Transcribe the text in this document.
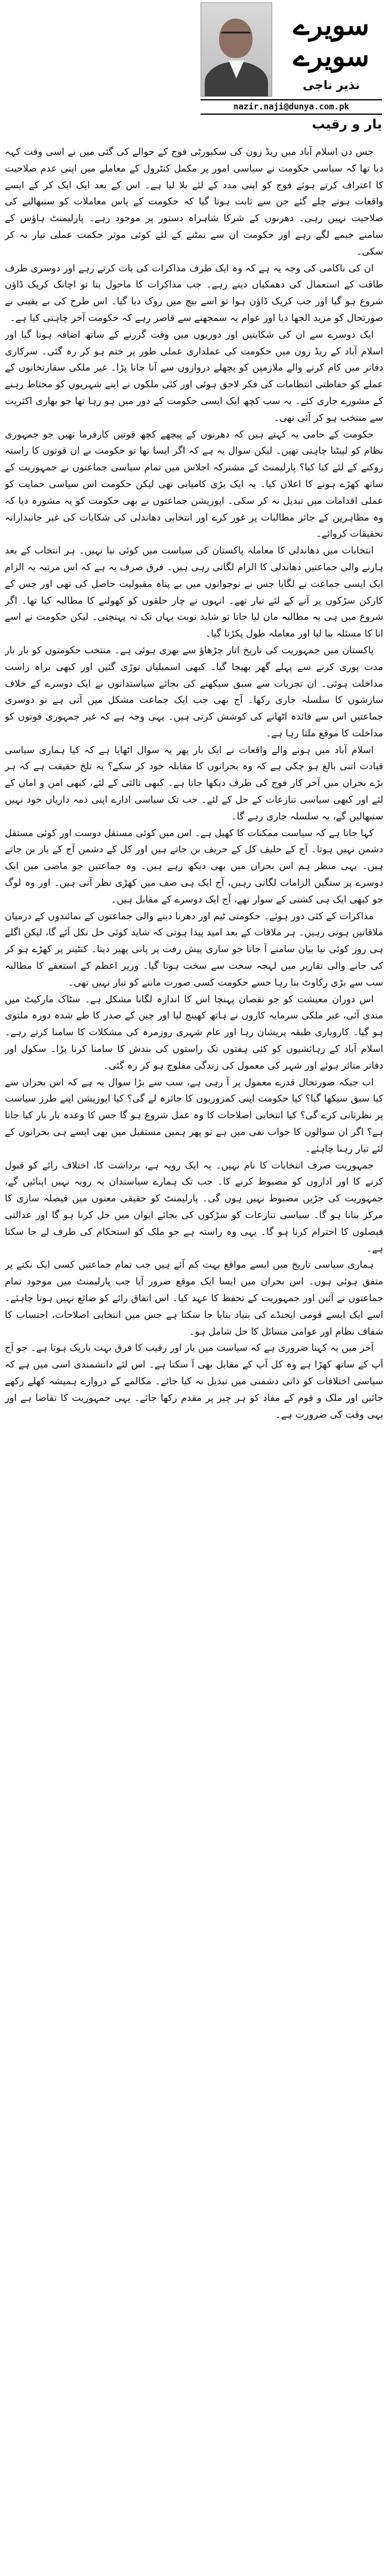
سویرے سویرے
نذیر ناجی
nazir.naji@dunya.com.pk
یار و رقیب

جس دن اسلام آباد میں ریڈ زون کی سکیورٹی فوج کے حوالے کی گئی میں نے اسی وقت کہہ دیا تھا کہ سیاسی حکومت نے سیاسی امور پر مکمل کنٹرول کے معاملے میں اپنی عدم صلاحیت کا اعتراف کرتے ہوئے فوج کو اپنی مدد کے لئے بلا لیا ہے۔ اس کے بعد ایک ایک کر کے ایسے واقعات ہوتے چلے گئے جن سے ثابت ہوتا گیا کہ حکومت کے پاس معاملات کو سنبھالنے کی صلاحیت نہیں رہی۔ دھرنوں کے شرکا شاہراہ دستور پر موجود رہے۔ پارلیمنٹ ہاؤس کے سامنے خیمے لگے رہے اور حکومت ان سے نمٹنے کے لئے کوئی موثر حکمت عملی تیار نہ کر سکی۔

ان کی ناکامی کی وجہ یہ ہے کہ وہ ایک طرف مذاکرات کی بات کرتے رہے اور دوسری طرف طاقت کے استعمال کی دھمکیاں دیتے رہے۔ جب مذاکرات کا ماحول بنا تو اچانک کریک ڈاؤن شروع ہو گیا اور جب کریک ڈاؤن ہوا تو اسے بیچ میں روک دیا گیا۔ اس طرح کی بے یقینی نے صورتحال کو مزید الجھا دیا اور عوام یہ سمجھنے سے قاصر رہے کہ حکومت آخر چاہتی کیا ہے۔

ایک دوسرے سے ان کی شکایتیں اور دوریوں میں وقت گزرنے کے ساتھ اضافہ ہوتا گیا اور اسلام آباد کے ریڈ زون میں حکومت کی عملداری عملی طور پر ختم ہو کر رہ گئی۔ سرکاری دفاتر میں کام کرنے والے ملازمین کو پچھلے دروازوں سے آنا جانا پڑا۔ غیر ملکی سفارتخانوں کے عملے کو حفاظتی انتظامات کی فکر لاحق ہوئی اور کئی ملکوں نے اپنے شہریوں کو محتاط رہنے کے مشورے جاری کئے۔ یہ سب کچھ ایک ایسی حکومت کے دور میں ہو رہا تھا جو بھاری اکثریت سے منتخب ہو کر آئی تھی۔

حکومت کے حامی یہ کہتے ہیں کہ دھرنوں کے پیچھے کچھ قوتیں کارفرما تھیں جو جمہوری نظام کو لپیٹنا چاہتی تھیں۔ لیکن سوال یہ ہے کہ اگر ایسا تھا تو حکومت نے ان قوتوں کا راستہ روکنے کے لئے کیا کیا؟ پارلیمنٹ کے مشترکہ اجلاس میں تمام سیاسی جماعتوں نے جمہوریت کے ساتھ کھڑے ہونے کا اعلان کیا۔ یہ ایک بڑی کامیابی تھی لیکن حکومت اس سیاسی حمایت کو عملی اقدامات میں تبدیل نہ کر سکی۔ اپوزیشن جماعتوں نے بھی حکومت کو یہ مشورہ دیا کہ وہ مظاہرین کے جائز مطالبات پر غور کرے اور انتخابی دھاندلی کی شکایات کی غیر جانبدارانہ تحقیقات کروائے۔

انتخابات میں دھاندلی کا معاملہ پاکستان کی سیاست میں کوئی نیا نہیں۔ ہر انتخاب کے بعد ہارنے والی جماعتیں دھاندلی کا الزام لگاتی رہی ہیں۔ فرق صرف یہ ہے کہ اس مرتبہ یہ الزام ایک ایسی جماعت نے لگایا جس نے نوجوانوں میں بے پناہ مقبولیت حاصل کی تھی اور جس کے کارکن سڑکوں پر آنے کے لئے تیار تھے۔ انہوں نے چار حلقوں کو کھولنے کا مطالبہ کیا تھا۔ اگر شروع میں ہی یہ مطالبہ مان لیا جاتا تو شاید نوبت یہاں تک نہ پہنچتی۔ لیکن حکومت نے اسے انا کا مسئلہ بنا لیا اور معاملہ طول پکڑتا گیا۔

پاکستان میں جمہوریت کی تاریخ اتار چڑھاؤ سے بھری ہوئی ہے۔ منتخب حکومتوں کو بار بار مدت پوری کرنے سے پہلے گھر بھیجا گیا۔ کبھی اسمبلیاں توڑی گئیں اور کبھی براہ راست مداخلت ہوئی۔ ان تجربات سے سبق سیکھنے کی بجائے سیاستدانوں نے ایک دوسرے کے خلاف سازشوں کا سلسلہ جاری رکھا۔ آج بھی جب ایک جماعت مشکل میں آتی ہے تو دوسری جماعتیں اس سے فائدہ اٹھانے کی کوشش کرتی ہیں۔ یہی وجہ ہے کہ غیر جمہوری قوتوں کو مداخلت کا موقع ملتا رہا ہے۔

اسلام آباد میں ہونے والے واقعات نے ایک بار پھر یہ سوال اٹھایا ہے کہ کیا ہماری سیاسی قیادت اتنی بالغ ہو چکی ہے کہ وہ بحرانوں کا مقابلہ خود کر سکے؟ یہ تلخ حقیقت ہے کہ ہر بڑے بحران میں آخر کار فوج کی طرف دیکھا جاتا ہے۔ کبھی ثالثی کے لئے، کبھی امن و امان کے لئے اور کبھی سیاسی تنازعات کے حل کے لئے۔ جب تک سیاسی ادارے اپنی ذمہ داریاں خود نہیں سنبھالیں گے، یہ سلسلہ جاری رہے گا۔

کہا جاتا ہے کہ سیاست ممکنات کا کھیل ہے۔ اس میں کوئی مستقل دوست اور کوئی مستقل دشمن نہیں ہوتا۔ آج کے حلیف کل کے حریف بن جاتے ہیں اور کل کے دشمن آج کے یار بن جاتے ہیں۔ یہی منظر ہم اس بحران میں بھی دیکھ رہے ہیں۔ وہ جماعتیں جو ماضی میں ایک دوسرے پر سنگین الزامات لگاتی رہیں، آج ایک ہی صف میں کھڑی نظر آتی ہیں۔ اور وہ لوگ جو کبھی ایک ہی کشتی کے سوار تھے، آج ایک دوسرے کے مقابل ہیں۔

مذاکرات کے کئی دور ہوئے۔ حکومتی ٹیم اور دھرنا دینے والی جماعتوں کے نمائندوں کے درمیان ملاقاتیں ہوتی رہیں۔ ہر ملاقات کے بعد امید پیدا ہوتی کہ شاید کوئی حل نکل آئے گا، لیکن اگلے ہی روز کوئی نیا بیان سامنے آ جاتا جو ساری پیش رفت پر پانی پھیر دیتا۔ کنٹینر پر کھڑے ہو کر کی جانے والی تقاریر میں لہجہ سخت سے سخت ہوتا گیا۔ وزیر اعظم کے استعفے کا مطالبہ سب سے بڑی رکاوٹ بنا رہا جسے حکومت کسی صورت ماننے کو تیار نہیں تھی۔

اس دوران معیشت کو جو نقصان پہنچا اس کا اندازہ لگانا مشکل ہے۔ سٹاک مارکیٹ میں مندی آئی، غیر ملکی سرمایہ کاروں نے ہاتھ کھینچ لیا اور چین کے صدر کا طے شدہ دورہ ملتوی ہو گیا۔ کاروباری طبقہ پریشان رہا اور عام شہری روزمرہ کی مشکلات کا سامنا کرتے رہے۔ اسلام آباد کے رہائشیوں کو کئی ہفتوں تک راستوں کی بندش کا سامنا کرنا پڑا۔ سکول اور دفاتر متاثر ہوئے اور شہر کی معمول کی زندگی مفلوج ہو کر رہ گئی۔

اب جبکہ صورتحال قدرے معمول پر آ رہی ہے، سب سے بڑا سوال یہ ہے کہ اس بحران سے کیا سبق سیکھا گیا؟ کیا حکومت اپنی کمزوریوں کا جائزہ لے گی؟ کیا اپوزیشن اپنے طرز سیاست پر نظرثانی کرے گی؟ کیا انتخابی اصلاحات کا وہ عمل شروع ہو گا جس کا وعدہ بار بار کیا جاتا ہے؟ اگر ان سوالوں کا جواب نفی میں ہے تو پھر ہمیں مستقبل میں بھی ایسے ہی بحرانوں کے لئے تیار رہنا چاہئے۔

جمہوریت صرف انتخابات کا نام نہیں۔ یہ ایک رویہ ہے، برداشت کا، اختلاف رائے کو قبول کرنے کا اور اداروں کو مضبوط کرنے کا۔ جب تک ہمارے سیاستدان یہ رویہ نہیں اپنائیں گے، جمہوریت کی جڑیں مضبوط نہیں ہوں گی۔ پارلیمنٹ کو حقیقی معنوں میں فیصلہ سازی کا مرکز بنانا ہو گا۔ سیاسی تنازعات کو سڑکوں کی بجائے ایوان میں حل کرنا ہو گا اور عدالتی فیصلوں کا احترام کرنا ہو گا۔ یہی وہ راستہ ہے جو ملک کو استحکام کی طرف لے جا سکتا ہے۔

ہماری سیاسی تاریخ میں ایسے مواقع بہت کم آئے ہیں جب تمام جماعتیں کسی ایک نکتے پر متفق ہوئی ہوں۔ اس بحران میں ایسا ایک موقع ضرور آیا جب پارلیمنٹ میں موجود تمام جماعتوں نے آئین اور جمہوریت کے تحفظ کا عہد کیا۔ اس اتفاق رائے کو ضائع نہیں ہونا چاہئے۔ اسے ایک ایسے قومی ایجنڈے کی بنیاد بنایا جا سکتا ہے جس میں انتخابی اصلاحات، احتساب کا شفاف نظام اور عوامی مسائل کا حل شامل ہو۔

آخر میں یہ کہنا ضروری ہے کہ سیاست میں یار اور رقیب کا فرق بہت باریک ہوتا ہے۔ جو آج آپ کے ساتھ کھڑا ہے وہ کل آپ کے مقابل بھی آ سکتا ہے۔ اس لئے دانشمندی اسی میں ہے کہ سیاسی اختلافات کو ذاتی دشمنی میں تبدیل نہ کیا جائے۔ مکالمے کے دروازے ہمیشہ کھلے رکھے جائیں اور ملک و قوم کے مفاد کو ہر چیز پر مقدم رکھا جائے۔ یہی جمہوریت کا تقاضا ہے اور یہی وقت کی ضرورت ہے۔
